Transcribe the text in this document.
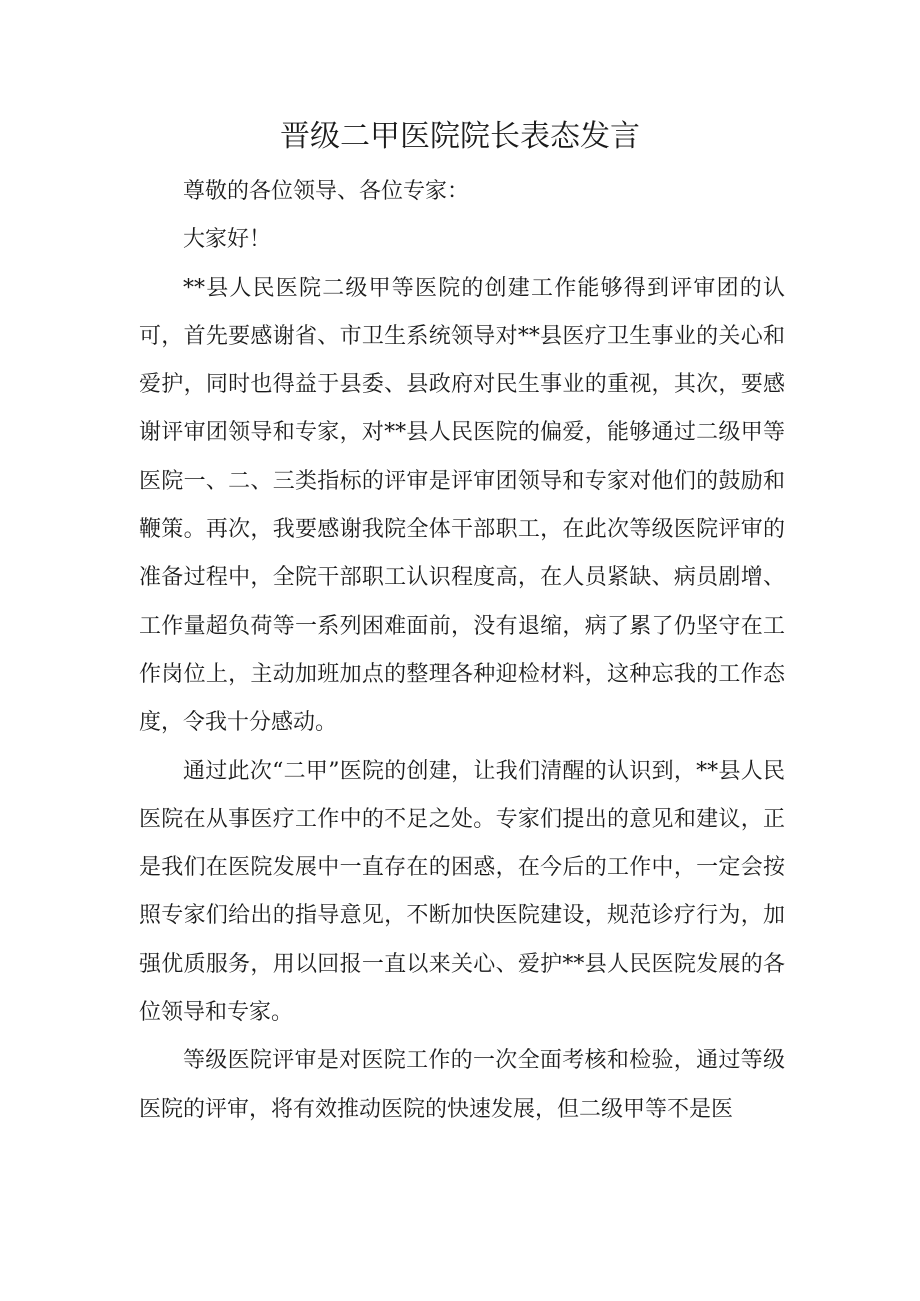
晋级二甲医院院长表态发言

尊敬的各位领导、各位专家：

大家好！

**县人民医院二级甲等医院的创建工作能够得到评审团的认可，首先要感谢省、市卫生系统领导对**县医疗卫生事业的关心和爱护，同时也得益于县委、县政府对民生事业的重视，其次，要感谢评审团领导和专家，对**县人民医院的偏爱，能够通过二级甲等医院一、二、三类指标的评审是评审团领导和专家对他们的鼓励和鞭策。再次，我要感谢我院全体干部职工，在此次等级医院评审的准备过程中，全院干部职工认识程度高，在人员紧缺、病员剧增、工作量超负荷等一系列困难面前，没有退缩，病了累了仍坚守在工作岗位上，主动加班加点的整理各种迎检材料，这种忘我的工作态度，令我十分感动。

通过此次“二甲”医院的创建，让我们清醒的认识到，**县人民医院在从事医疗工作中的不足之处。专家们提出的意见和建议，正是我们在医院发展中一直存在的困惑，在今后的工作中，一定会按照专家们给出的指导意见，不断加快医院建设，规范诊疗行为，加强优质服务，用以回报一直以来关心、爱护**县人民医院发展的各位领导和专家。

等级医院评审是对医院工作的一次全面考核和检验，通过等级医院的评审，将有效推动医院的快速发展，但二级甲等不是医
